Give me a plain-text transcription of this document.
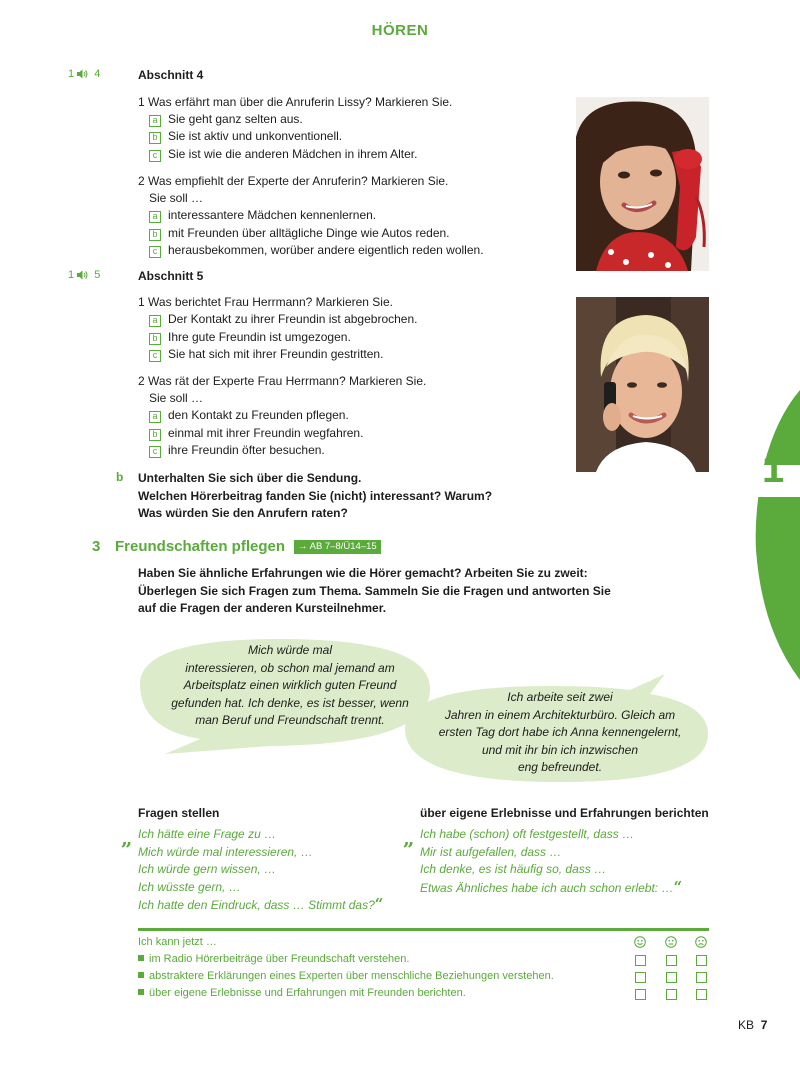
HÖREN
1 4	Abschnitt 4
1 Was erfährt man über die Anruferin Lissy? Markieren Sie.
a Sie geht ganz selten aus.
b Sie ist aktiv und unkonventionell.
c Sie ist wie die anderen Mädchen in ihrem Alter.
2 Was empfiehlt der Experte der Anruferin? Markieren Sie.
Sie soll …
a interessantere Mädchen kennenlernen.
b mit Freunden über alltägliche Dinge wie Autos reden.
c herausbekommen, worüber andere eigentlich reden wollen.
1 5	Abschnitt 5
1 Was berichtet Frau Herrmann? Markieren Sie.
a Der Kontakt zu ihrer Freundin ist abgebrochen.
b Ihre gute Freundin ist umgezogen.
c Sie hat sich mit ihrer Freundin gestritten.
2 Was rät der Experte Frau Herrmann? Markieren Sie.
Sie soll …
a den Kontakt zu Freunden pflegen.
b einmal mit ihrer Freundin wegfahren.
c ihre Freundin öfter besuchen.
b Unterhalten Sie sich über die Sendung.
Welchen Hörerbeitrag fanden Sie (nicht) interessant? Warum?
Was würden Sie den Anrufern raten?
3 Freundschaften pflegen	→ AB 7–8/Ü14–15
Haben Sie ähnliche Erfahrungen wie die Hörer gemacht? Arbeiten Sie zu zweit:
Überlegen Sie sich Fragen zum Thema. Sammeln Sie die Fragen und antworten Sie
auf die Fragen der anderen Kursteilnehmer.
Mich würde mal
interessieren, ob schon mal jemand am
Arbeitsplatz einen wirklich guten Freund
gefunden hat. Ich denke, es ist besser, wenn
man Beruf und Freundschaft trennt.
Ich arbeite seit zwei
Jahren in einem Architekturbüro. Gleich am
ersten Tag dort habe ich Anna kennengelernt,
und mit ihr bin ich inzwischen
eng befreundet.
Fragen stellen
„ Ich hätte eine Frage zu …
Mich würde mal interessieren, …
Ich würde gern wissen, …
Ich wüsste gern, …
Ich hatte den Eindruck, dass … Stimmt das?“
über eigene Erlebnisse und Erfahrungen berichten
„ Ich habe (schon) oft festgestellt, dass …
Mir ist aufgefallen, dass …
Ich denke, es ist häufig so, dass …
Etwas Ähnliches habe ich auch schon erlebt: …“
Ich kann jetzt …
im Radio Hörerbeiträge über Freundschaft verstehen.
abstraktere Erklärungen eines Experten über menschliche Beziehungen verstehen.
über eigene Erlebnisse und Erfahrungen mit Freunden berichten.
1
KB 7
